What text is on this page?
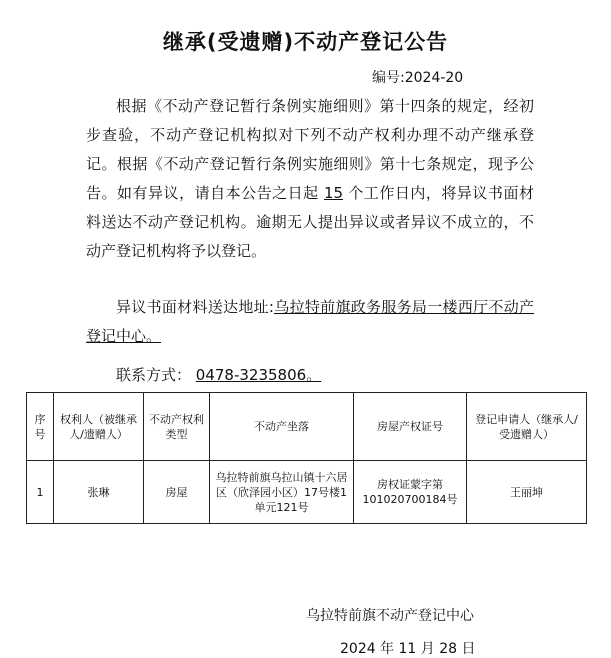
继承(受遗赠)不动产登记公告
编号:2024-20
根据《不动产登记暂行条例实施细则》第十四条的规定，经初步查验，不动产登记机构拟对下列不动产权利办理不动产继承登记。根据《不动产登记暂行条例实施细则》第十七条规定，现予公告。如有异议，请自本公告之日起 15 个工作日内，将异议书面材料送达不动产登记机构。逾期无人提出异议或者异议不成立的，不动产登记机构将予以登记。
异议书面材料送达地址:乌拉特前旗政务服务局一楼西厅不动产登记中心。
联系方式： 0478-3235806。
序号	权利人（被继承人/遗赠人）	不动产权利类型	不动产坐落	房屋产权证号	登记申请人（继承人/受遗赠人）
1	张琳	房屋	乌拉特前旗乌拉山镇十六居区（欣泽园小区）17号楼1单元121号	房权证蒙字第101020700184号	王丽坤
乌拉特前旗不动产登记中心
2024 年 11 月 28 日
